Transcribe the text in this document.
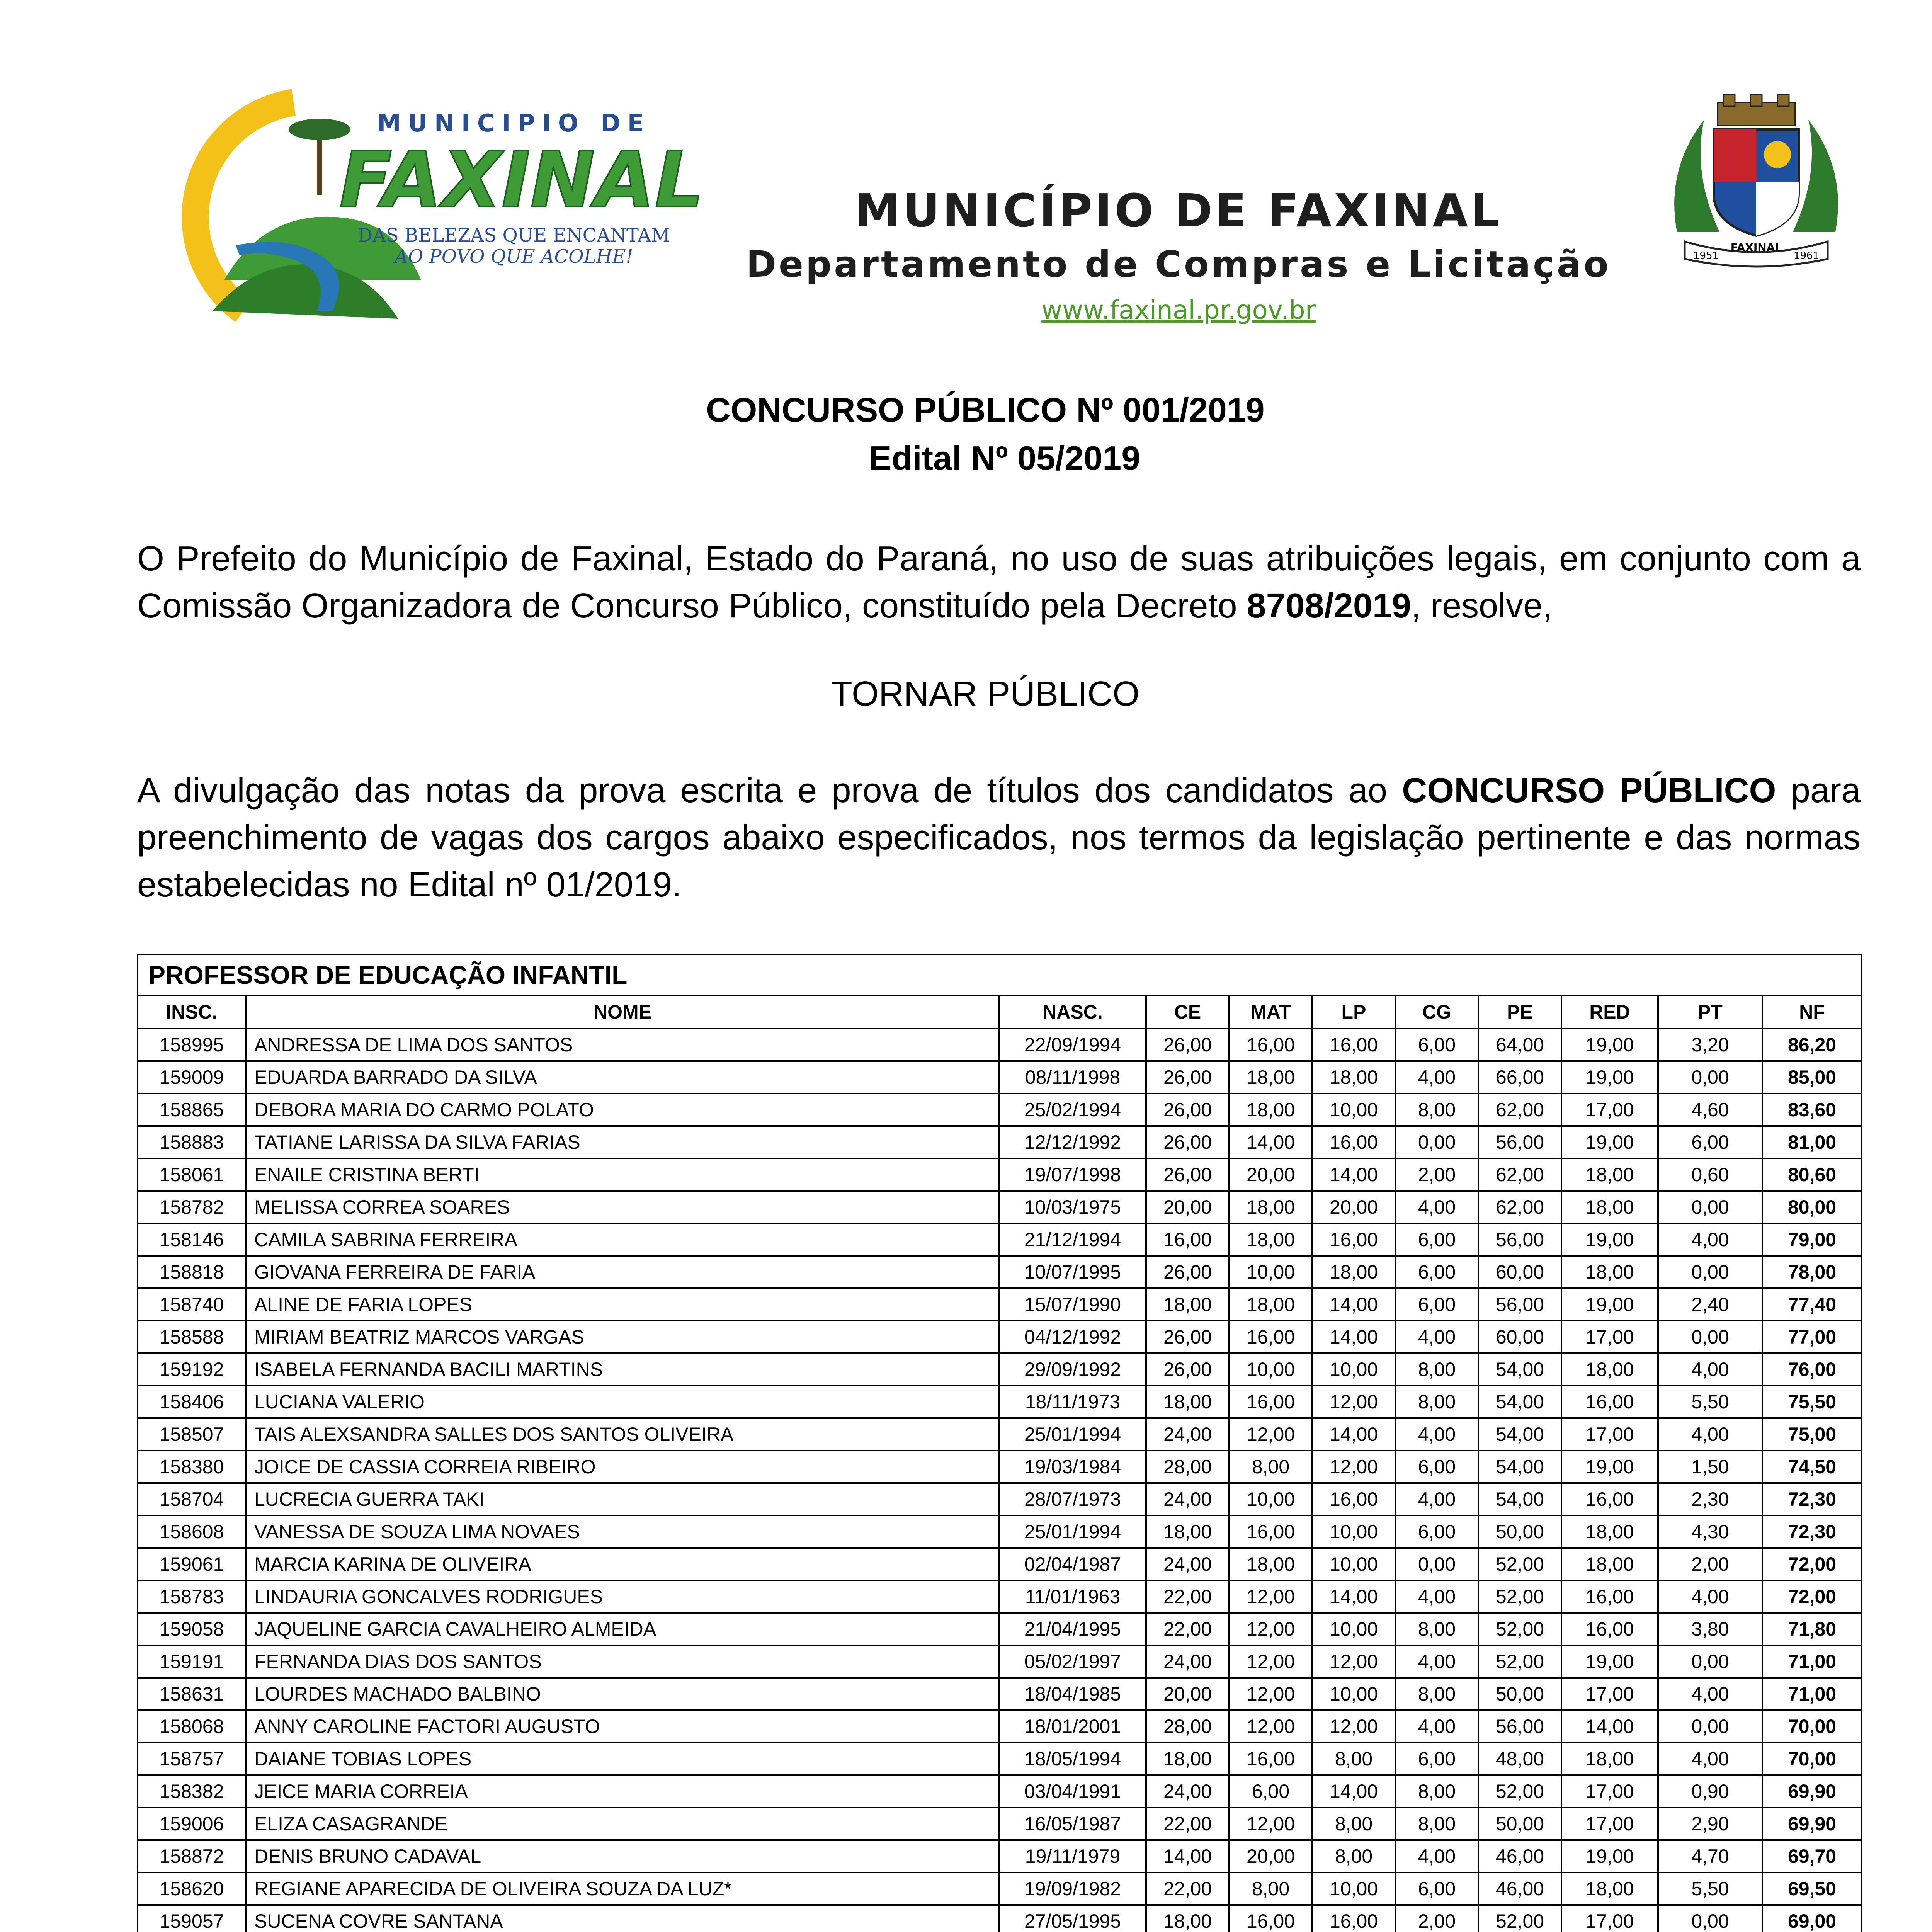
MUNICIPIO DE
FAXINAL
DAS BELEZAS QUE ENCANTAM
AO POVO QUE ACOLHE!
MUNICÍPIO DE FAXINAL
Departamento de Compras e Licitação
www.faxinal.pr.gov.br
FAXINAL
1951	1961
CONCURSO PÚBLICO Nº 001/2019
Edital Nº 05/2019
O Prefeito do Município de Faxinal, Estado do Paraná, no uso de suas atribuições legais, em conjunto com a Comissão Organizadora de Concurso Público, constituído pela Decreto 8708/2019, resolve,
TORNAR PÚBLICO
A divulgação das notas da prova escrita e prova de títulos dos candidatos ao CONCURSO PÚBLICO para preenchimento de vagas dos cargos abaixo especificados, nos termos da legislação pertinente e das normas estabelecidas no Edital nº 01/2019.
PROFESSOR DE EDUCAÇÃO INFANTIL										
INSC.	NOME	NASC.	CE	MAT	LP	CG	PE	RED	PT	NF
158995	ANDRESSA DE LIMA DOS SANTOS	22/09/1994	26,00	16,00	16,00	6,00	64,00	19,00	3,20	86,20
159009	EDUARDA BARRADO DA SILVA	08/11/1998	26,00	18,00	18,00	4,00	66,00	19,00	0,00	85,00
158865	DEBORA MARIA DO CARMO POLATO	25/02/1994	26,00	18,00	10,00	8,00	62,00	17,00	4,60	83,60
158883	TATIANE LARISSA DA SILVA FARIAS	12/12/1992	26,00	14,00	16,00	0,00	56,00	19,00	6,00	81,00
158061	ENAILE CRISTINA BERTI	19/07/1998	26,00	20,00	14,00	2,00	62,00	18,00	0,60	80,60
158782	MELISSA CORREA SOARES	10/03/1975	20,00	18,00	20,00	4,00	62,00	18,00	0,00	80,00
158146	CAMILA SABRINA FERREIRA	21/12/1994	16,00	18,00	16,00	6,00	56,00	19,00	4,00	79,00
158818	GIOVANA FERREIRA DE FARIA	10/07/1995	26,00	10,00	18,00	6,00	60,00	18,00	0,00	78,00
158740	ALINE DE FARIA LOPES	15/07/1990	18,00	18,00	14,00	6,00	56,00	19,00	2,40	77,40
158588	MIRIAM BEATRIZ MARCOS VARGAS	04/12/1992	26,00	16,00	14,00	4,00	60,00	17,00	0,00	77,00
159192	ISABELA FERNANDA BACILI MARTINS	29/09/1992	26,00	10,00	10,00	8,00	54,00	18,00	4,00	76,00
158406	LUCIANA VALERIO	18/11/1973	18,00	16,00	12,00	8,00	54,00	16,00	5,50	75,50
158507	TAIS ALEXSANDRA SALLES DOS SANTOS OLIVEIRA	25/01/1994	24,00	12,00	14,00	4,00	54,00	17,00	4,00	75,00
158380	JOICE DE CASSIA CORREIA RIBEIRO	19/03/1984	28,00	8,00	12,00	6,00	54,00	19,00	1,50	74,50
158704	LUCRECIA GUERRA TAKI	28/07/1973	24,00	10,00	16,00	4,00	54,00	16,00	2,30	72,30
158608	VANESSA DE SOUZA LIMA NOVAES	25/01/1994	18,00	16,00	10,00	6,00	50,00	18,00	4,30	72,30
159061	MARCIA KARINA DE OLIVEIRA	02/04/1987	24,00	18,00	10,00	0,00	52,00	18,00	2,00	72,00
158783	LINDAURIA GONCALVES RODRIGUES	11/01/1963	22,00	12,00	14,00	4,00	52,00	16,00	4,00	72,00
159058	JAQUELINE GARCIA CAVALHEIRO ALMEIDA	21/04/1995	22,00	12,00	10,00	8,00	52,00	16,00	3,80	71,80
159191	FERNANDA DIAS DOS SANTOS	05/02/1997	24,00	12,00	12,00	4,00	52,00	19,00	0,00	71,00
158631	LOURDES MACHADO BALBINO	18/04/1985	20,00	12,00	10,00	8,00	50,00	17,00	4,00	71,00
158068	ANNY CAROLINE FACTORI AUGUSTO	18/01/2001	28,00	12,00	12,00	4,00	56,00	14,00	0,00	70,00
158757	DAIANE TOBIAS LOPES	18/05/1994	18,00	16,00	8,00	6,00	48,00	18,00	4,00	70,00
158382	JEICE MARIA CORREIA	03/04/1991	24,00	6,00	14,00	8,00	52,00	17,00	0,90	69,90
159006	ELIZA CASAGRANDE	16/05/1987	22,00	12,00	8,00	8,00	50,00	17,00	2,90	69,90
158872	DENIS BRUNO CADAVAL	19/11/1979	14,00	20,00	8,00	4,00	46,00	19,00	4,70	69,70
158620	REGIANE APARECIDA DE OLIVEIRA SOUZA DA LUZ*	19/09/1982	22,00	8,00	10,00	6,00	46,00	18,00	5,50	69,50
159057	SUCENA COVRE SANTANA	27/05/1995	18,00	16,00	16,00	2,00	52,00	17,00	0,00	69,00
